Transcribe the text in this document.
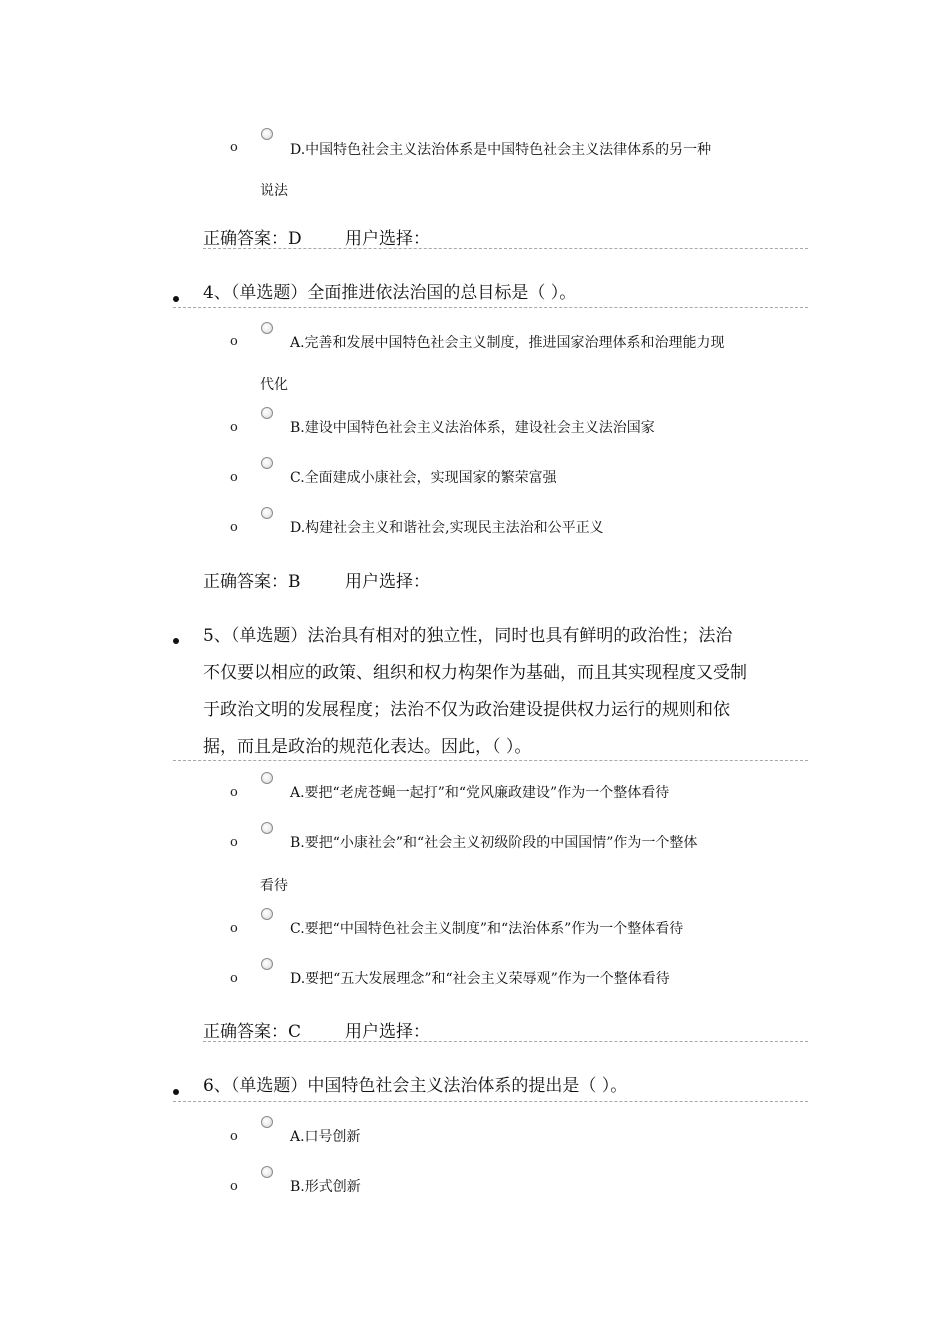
o	D.中国特色社会主义法治体系是中国特色社会主义法律体系的另一种
说法
正确答案：D	用户选择：
4、（单选题）全面推进依法治国的总目标是（ ）。
o	A.完善和发展中国特色社会主义制度，推进国家治理体系和治理能力现
代化
o	B.建设中国特色社会主义法治体系，建设社会主义法治国家
o	C.全面建成小康社会，实现国家的繁荣富强
o	D.构建社会主义和谐社会,实现民主法治和公平正义
正确答案：B	用户选择：
5、（单选题）法治具有相对的独立性，同时也具有鲜明的政治性；法治
不仅要以相应的政策、组织和权力构架作为基础，而且其实现程度又受制
于政治文明的发展程度；法治不仅为政治建设提供权力运行的规则和依
据，而且是政治的规范化表达。因此，（ ）。
o	A.要把“老虎苍蝇一起打”和“党风廉政建设”作为一个整体看待
o	B.要把“小康社会”和“社会主义初级阶段的中国国情”作为一个整体
看待
o	C.要把“中国特色社会主义制度”和“法治体系”作为一个整体看待
o	D.要把“五大发展理念”和“社会主义荣辱观”作为一个整体看待
正确答案：C	用户选择：
6、（单选题）中国特色社会主义法治体系的提出是（ ）。
o	A.口号创新
o	B.形式创新
